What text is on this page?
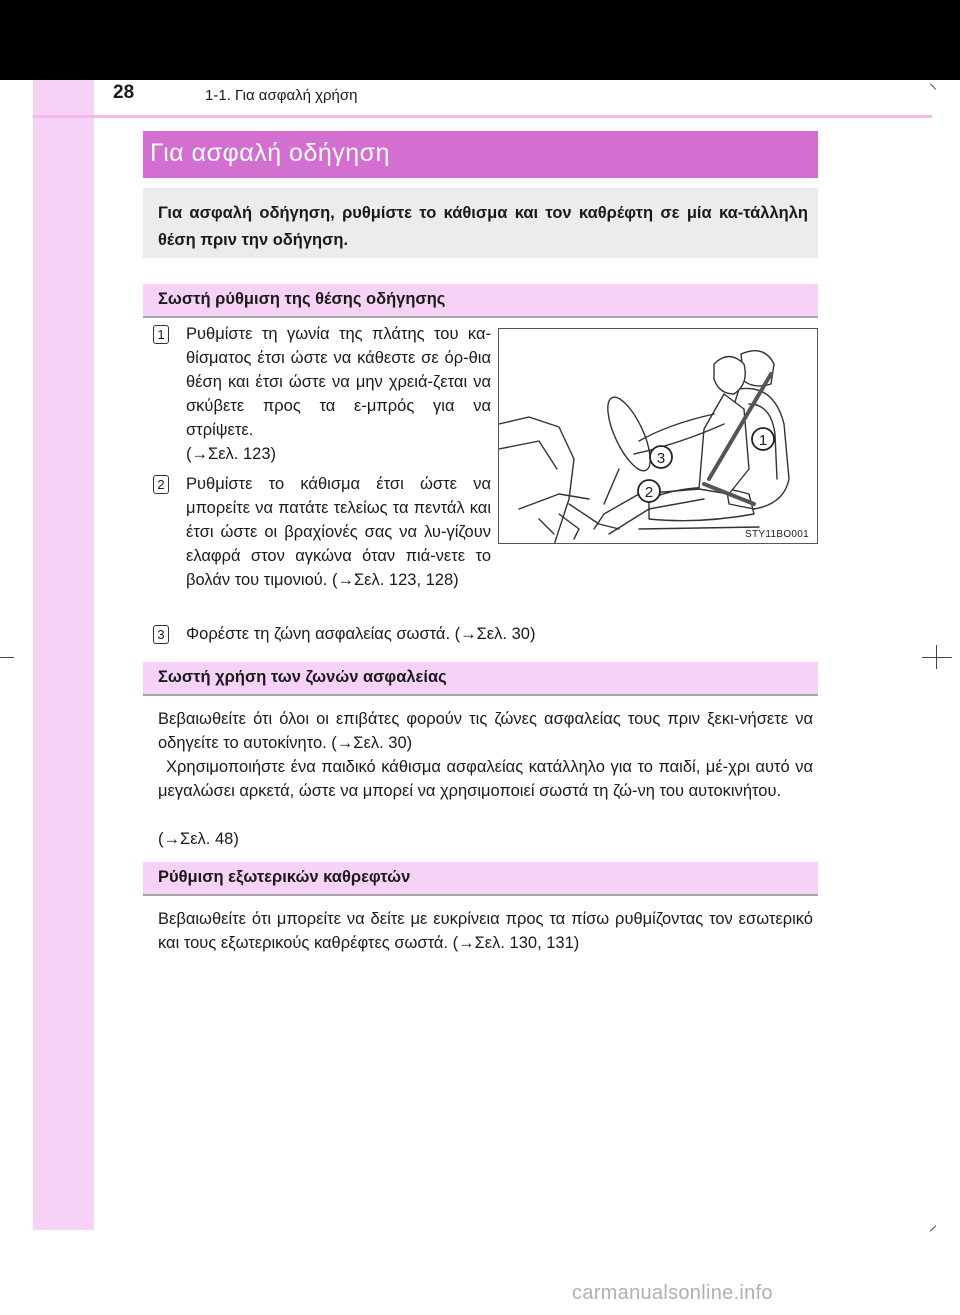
28	1-1. Για ασφαλή χρήση
Για ασφαλή οδήγηση
Για ασφαλή οδήγηση, ρυθμίστε το κάθισμα και τον καθρέφτη σε μία κα-τάλληλη θέση πριν την οδήγηση.
Σωστή ρύθμιση της θέσης οδήγησης
1 Ρυθμίστε τη γωνία της πλάτης του κα-θίσματος έτσι ώστε να κάθεστε σε όρ-θια θέση και έτσι ώστε να μην χρειά-ζεται να σκύβετε προς τα ε-μπρός για να στρίψετε.
(→Σελ. 123)
2 Ρυθμίστε το κάθισμα έτσι ώστε να μπορείτε να πατάτε τελείως τα πεντάλ και έτσι ώστε οι βραχίονές σας να λυ-γίζουν ελαφρά στον αγκώνα όταν πιά-νετε το βολάν του τιμονιού. (→Σελ. 123, 128)
3 Φορέστε τη ζώνη ασφαλείας σωστά. (→Σελ. 30)
1
2
3
STY11BO001
Σωστή χρήση των ζωνών ασφαλείας
Βεβαιωθείτε ότι όλοι οι επιβάτες φορούν τις ζώνες ασφαλείας τους πριν ξεκι-νήσετε να οδηγείτε το αυτοκίνητο. (→Σελ. 30)
Χρησιμοποιήστε ένα παιδικό κάθισμα ασφαλείας κατάλληλο για το παιδί, μέ-χρι αυτό να μεγαλώσει αρκετά, ώστε να μπορεί να χρησιμοποιεί σωστά τη ζώ-νη του αυτοκινήτου.
(→Σελ. 48)
Ρύθμιση εξωτερικών καθρεφτών
Βεβαιωθείτε ότι μπορείτε να δείτε με ευκρίνεια προς τα πίσω ρυθμίζοντας τον εσωτερικό και τους εξωτερικούς καθρέφτες σωστά. (→Σελ. 130, 131)
carmanualsonline.info
